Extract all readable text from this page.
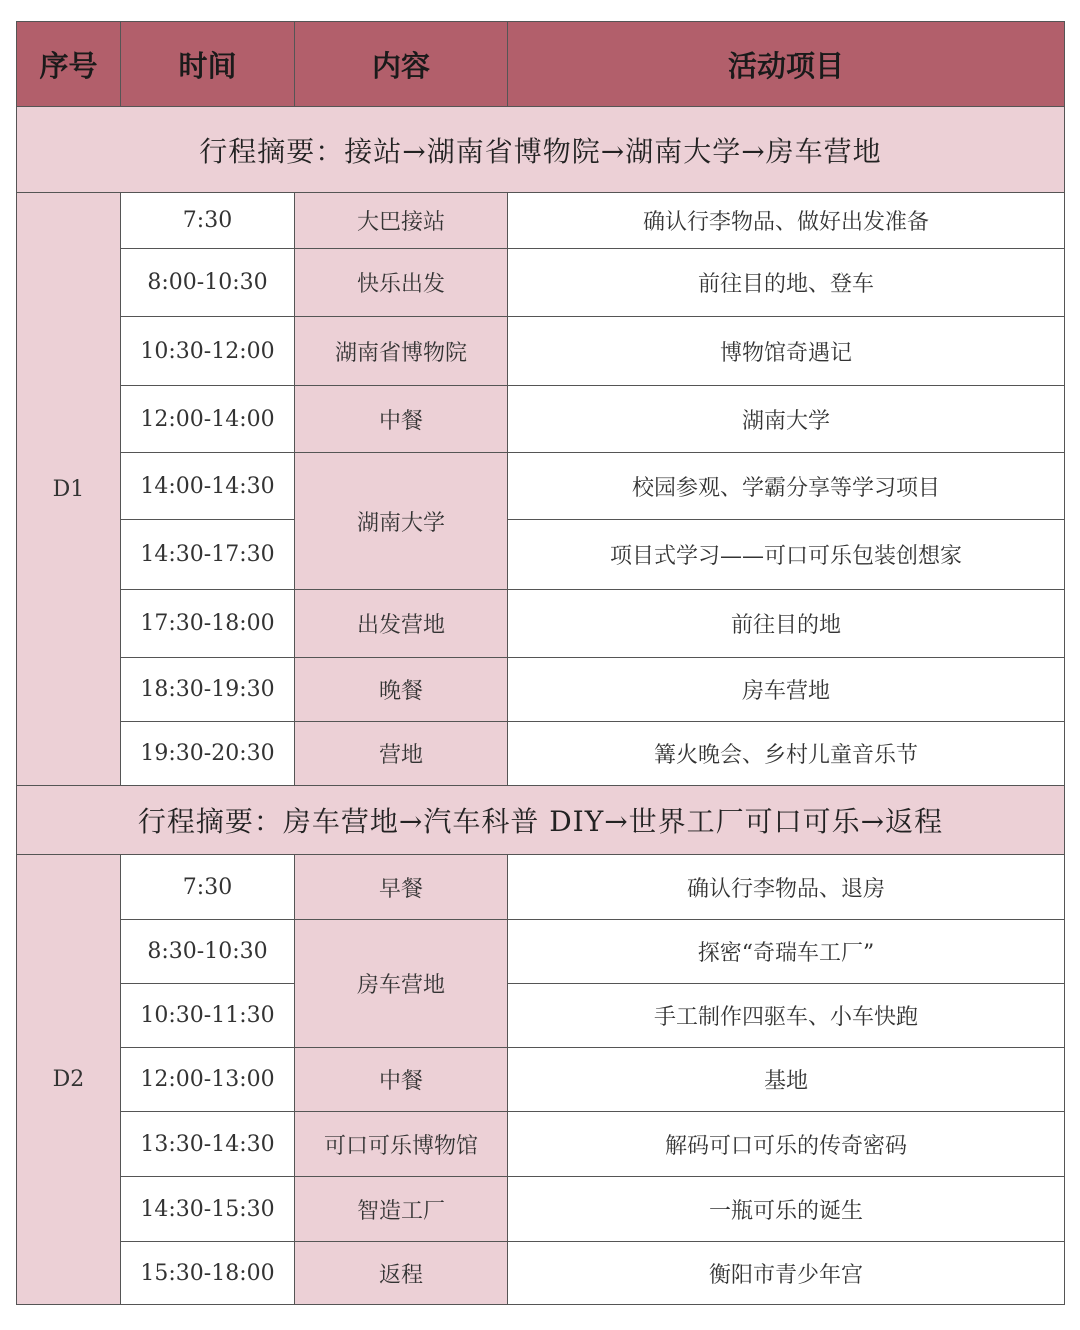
序号	时间	内容	活动项目
行程摘要：接站→湖南省博物院→湖南大学→房车营地			
D1	7:30	大巴接站	确认行李物品、做好出发准备
	8:00-10:30	快乐出发	前往目的地、登车
	10:30-12:00	湖南省博物院	博物馆奇遇记
	12:00-14:00	中餐	湖南大学
	14:00-14:30	湖南大学	校园参观、学霸分享等学习项目
	14:30-17:30		项目式学习——可口可乐包装创想家
	17:30-18:00	出发营地	前往目的地
	18:30-19:30	晚餐	房车营地
	19:30-20:30	营地	篝火晚会、乡村儿童音乐节
行程摘要：房车营地→汽车科普 DIY→世界工厂可口可乐→返程			
D2	7:30	早餐	确认行李物品、退房
	8:30-10:30	房车营地	探密“奇瑞车工厂”
	10:30-11:30		手工制作四驱车、小车快跑
	12:00-13:00	中餐	基地
	13:30-14:30	可口可乐博物馆	解码可口可乐的传奇密码
	14:30-15:30	智造工厂	一瓶可乐的诞生
	15:30-18:00	返程	衡阳市青少年宫
